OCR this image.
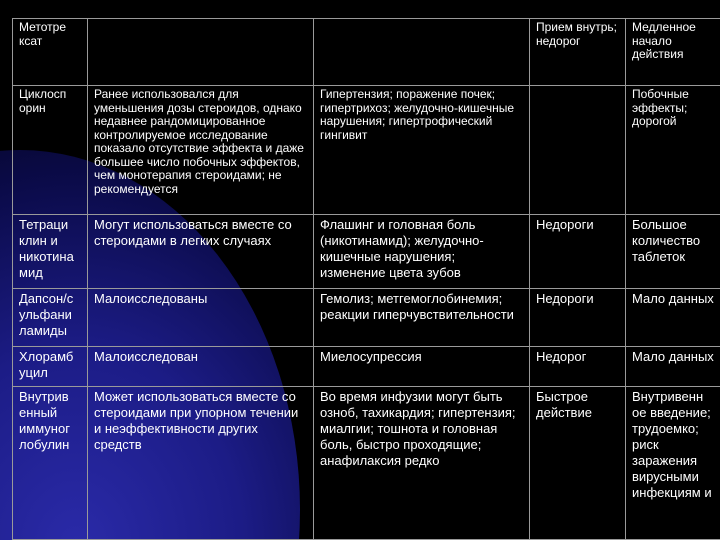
Метотре ксат			Прием внутрь; недорог	Медленное начало действия
Циклосп орин	Ранее использовался для уменьшения дозы стероидов, однако недавнее рандомицированное контролируемое исследование показало отсутствие эффекта и даже большее число побочных эффектов, чем монотерапия стероидами; не рекомендуется	Гипертензия; поражение почек; гипертрихоз; желудочно-кишечные нарушения; гипертрофический гингивит		Побочные эффекты; дорогой
Тетраци клин и никотина мид	Могут использоваться вместе со стероидами в легких случаях	Флашинг и головная боль (никотинамид); желудочно-кишечные нарушения; изменение цвета зубов	Недороги	Большое количество таблеток
Дапсон/с ульфани ламиды	Малоисследованы	Гемолиз; метгемоглобинемия; реакции гиперчувствительности	Недороги	Мало данных
Хлорамб уцил	Малоисследован	Миелосупрессия	Недорог	Мало данных
Внутрив енный иммуног лобулин	Может использоваться вместе со стероидами при упорном течении и неэффективности других средств	Во время инфузии могут быть озноб, тахикардия; гипертензия; миалгии; тошнота и головная боль, быстро проходящие; анафилаксия редко	Быстрое действие	Внутривенн ое введение; трудоемко; риск заражения вирусными инфекциям и
